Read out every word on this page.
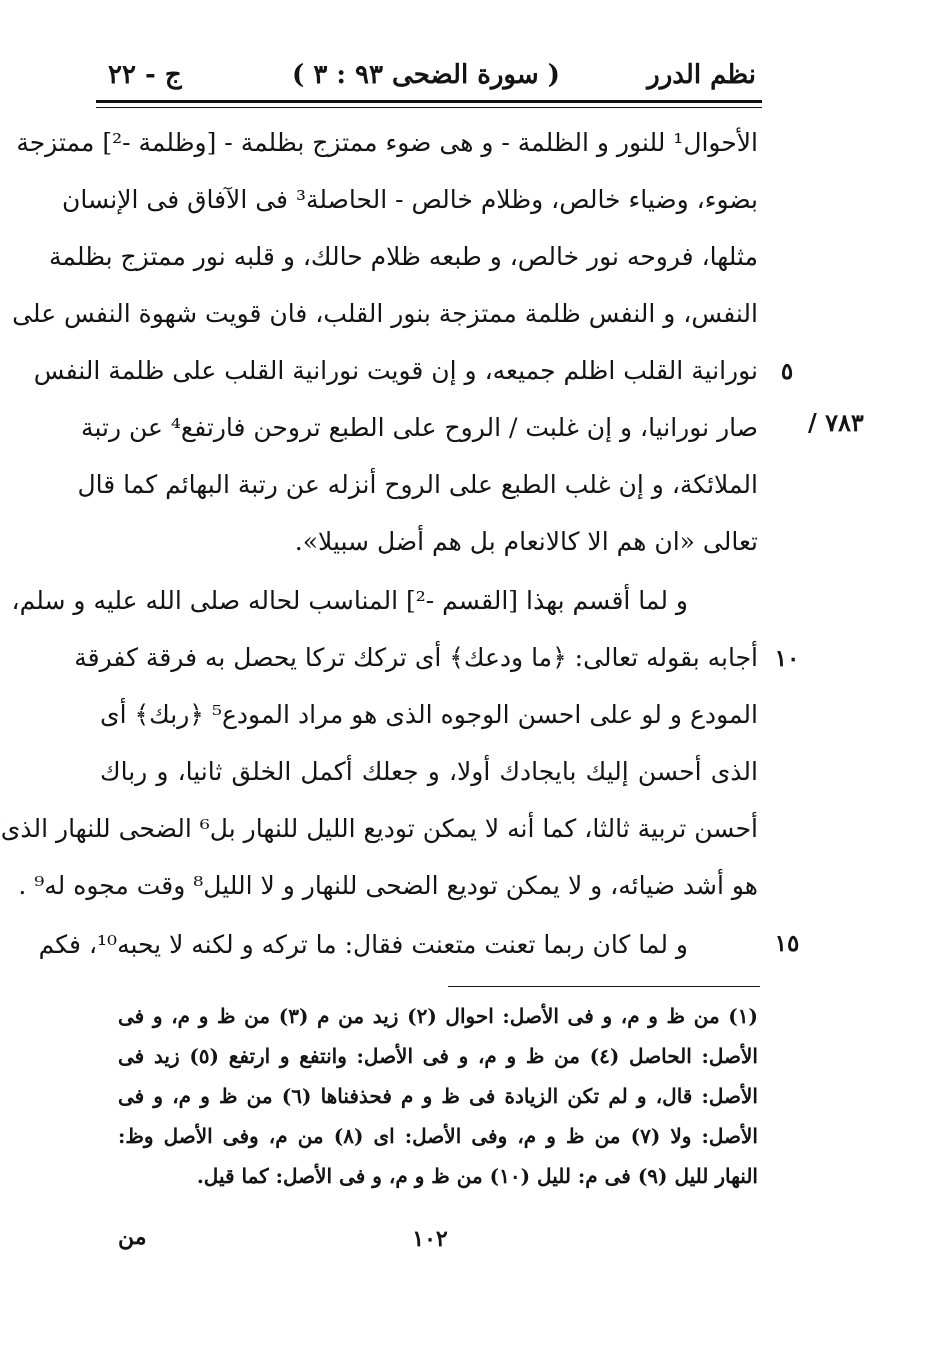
نظم الدرر
( سورة الضحى ٩٣ : ٣ )
ج - ٢٢
٧٨٣ /
الأحوال¹ للنور و الظلمة - و هى ضوء ممتزج بظلمة - [وظلمة -²] ممتزجة
بضوء، وضياء خالص، وظلام خالص - الحاصلة³ فى الآفاق فى الإنسان
مثلها، فروحه نور خالص، و طبعه ظلام حالك، و قلبه نور ممتزج بظلمة
النفس، و النفس ظلمة ممتزجة بنور القلب، فان قويت شهوة النفس على
نورانية القلب اظلم جميعه، و إن قويت نورانية القلب على ظلمة النفس
صار نورانيا، و إن غلبت / الروح على الطبع تروحن فارتفع⁴ عن رتبة
الملائكة، و إن غلب الطبع على الروح أنزله عن رتبة البهائم كما قال
تعالى «ان هم الا كالانعام بل هم أضل سبيلا».
و لما أقسم بهذا [القسم -²] المناسب لحاله صلى الله عليه و سلم،
أجابه بقوله تعالى: ﴿ما ودعك﴾ أى تركك تركا يحصل به فرقة كفرقة
المودع و لو على احسن الوجوه الذى هو مراد المودع⁵ ﴿ربك﴾ أى
الذى أحسن إليك بايجادك أولا، و جعلك أكمل الخلق ثانيا، و رباك
أحسن تربية ثالثا، كما أنه لا يمكن توديع الليل للنهار بل⁶ الضحى للنهار الذى
هو أشد ضيائه، و لا يمكن توديع الضحى للنهار و لا الليل⁸ وقت مجوه له⁹ .
و لما كان ربما تعنت متعنت فقال: ما تركه و لكنه لا يحبه¹⁰، فكم
٥
١٠
١٥
(١) من ظ و م، و فى الأصل: احوال (٢) زيد من م (٣) من ظ و م، و فى
الأصل: الحاصل (٤) من ظ و م، و فى الأصل: وانتفع و ارتفع (٥) زيد فى
الأصل: قال، و لم تكن الزيادة فى ظ و م فحذفناها (٦) من ظ و م، و فى
الأصل: ولا (٧) من ظ و م، وفى الأصل: اى (٨) من م، وفى الأصل وظ:
النهار لليل (٩) فى م: لليل (١٠) من ظ و م، و فى الأصل: كما قيل.
١٠٢
من
